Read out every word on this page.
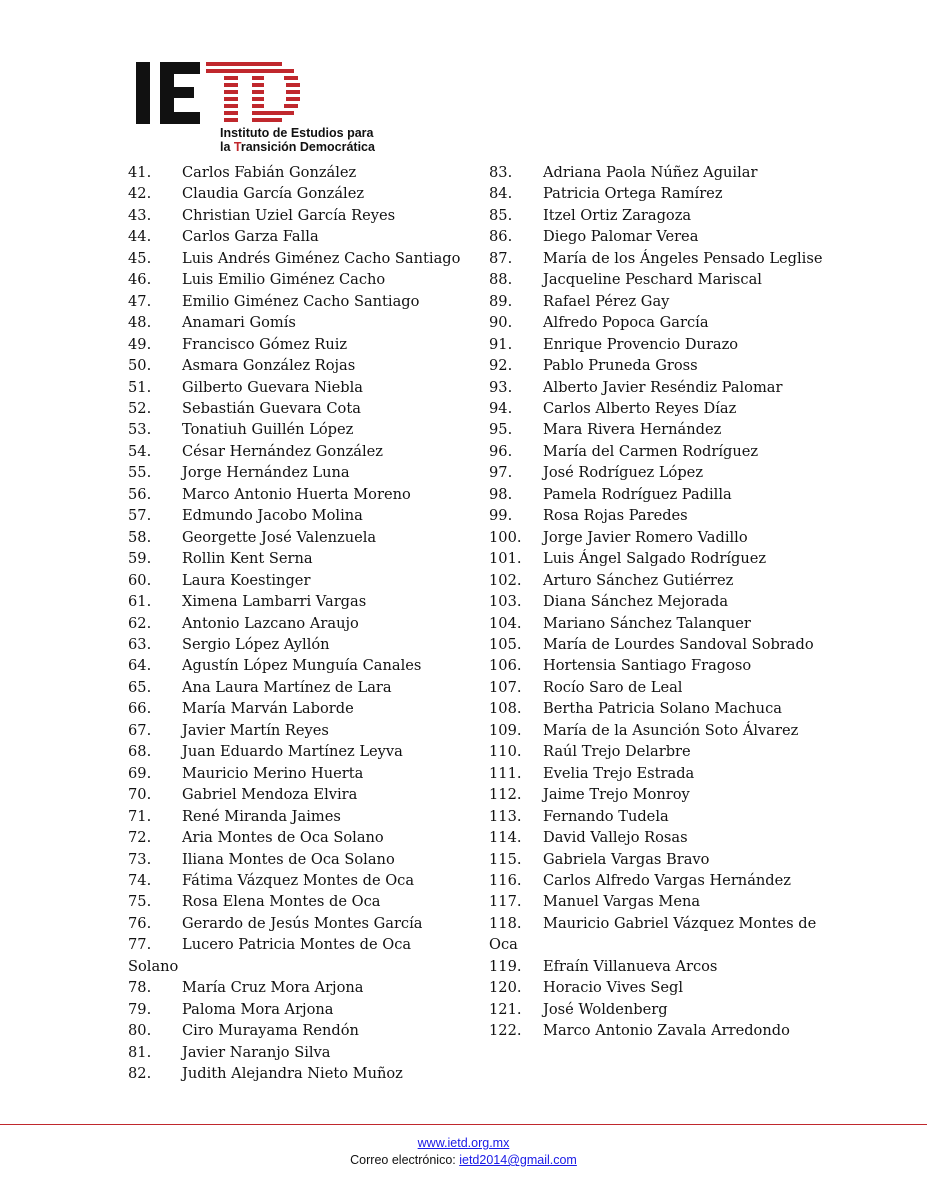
Instituto de Estudios para
la Transición Democrática
41. Carlos Fabián González
42. Claudia García González
43. Christian Uziel García Reyes
44. Carlos Garza Falla
45. Luis Andrés Giménez Cacho Santiago
46. Luis Emilio Giménez Cacho
47. Emilio Giménez Cacho Santiago
48. Anamari Gomís
49. Francisco Gómez Ruiz
50. Asmara González Rojas
51. Gilberto Guevara Niebla
52. Sebastián Guevara Cota
53. Tonatiuh Guillén López
54. César Hernández González
55. Jorge Hernández Luna
56. Marco Antonio Huerta Moreno
57. Edmundo Jacobo Molina
58. Georgette José Valenzuela
59. Rollin Kent Serna
60. Laura Koestinger
61. Ximena Lambarri Vargas
62. Antonio Lazcano Araujo
63. Sergio López Ayllón
64. Agustín López Munguía Canales
65. Ana Laura Martínez de Lara
66. María Marván Laborde
67. Javier Martín Reyes
68. Juan Eduardo Martínez Leyva
69. Mauricio Merino Huerta
70. Gabriel Mendoza Elvira
71. René Miranda Jaimes
72. Aria Montes de Oca Solano
73. Iliana Montes de Oca Solano
74. Fátima Vázquez Montes de Oca
75. Rosa Elena Montes de Oca
76. Gerardo de Jesús Montes García
77. Lucero Patricia Montes de Oca
Solano
78. María Cruz Mora Arjona
79. Paloma Mora Arjona
80. Ciro Murayama Rendón
81. Javier Naranjo Silva
82. Judith Alejandra Nieto Muñoz
83. Adriana Paola Núñez Aguilar
84. Patricia Ortega Ramírez
85. Itzel Ortiz Zaragoza
86. Diego Palomar Verea
87. María de los Ángeles Pensado Leglise
88. Jacqueline Peschard Mariscal
89. Rafael Pérez Gay
90. Alfredo Popoca García
91. Enrique Provencio Durazo
92. Pablo Pruneda Gross
93. Alberto Javier Reséndiz Palomar
94. Carlos Alberto Reyes Díaz
95. Mara Rivera Hernández
96. María del Carmen Rodríguez
97. José Rodríguez López
98. Pamela Rodríguez Padilla
99. Rosa Rojas Paredes
100. Jorge Javier Romero Vadillo
101. Luis Ángel Salgado Rodríguez
102. Arturo Sánchez Gutiérrez
103. Diana Sánchez Mejorada
104. Mariano Sánchez Talanquer
105. María de Lourdes Sandoval Sobrado
106. Hortensia Santiago Fragoso
107. Rocío Saro de Leal
108. Bertha Patricia Solano Machuca
109. María de la Asunción Soto Álvarez
110. Raúl Trejo Delarbre
111. Evelia Trejo Estrada
112. Jaime Trejo Monroy
113. Fernando Tudela
114. David Vallejo Rosas
115. Gabriela Vargas Bravo
116. Carlos Alfredo Vargas Hernández
117. Manuel Vargas Mena
118. Mauricio Gabriel Vázquez Montes de
Oca
119. Efraín Villanueva Arcos
120. Horacio Vives Segl
121. José Woldenberg
122. Marco Antonio Zavala Arredondo
www.ietd.org.mx
Correo electrónico: ietd2014@gmail.com
